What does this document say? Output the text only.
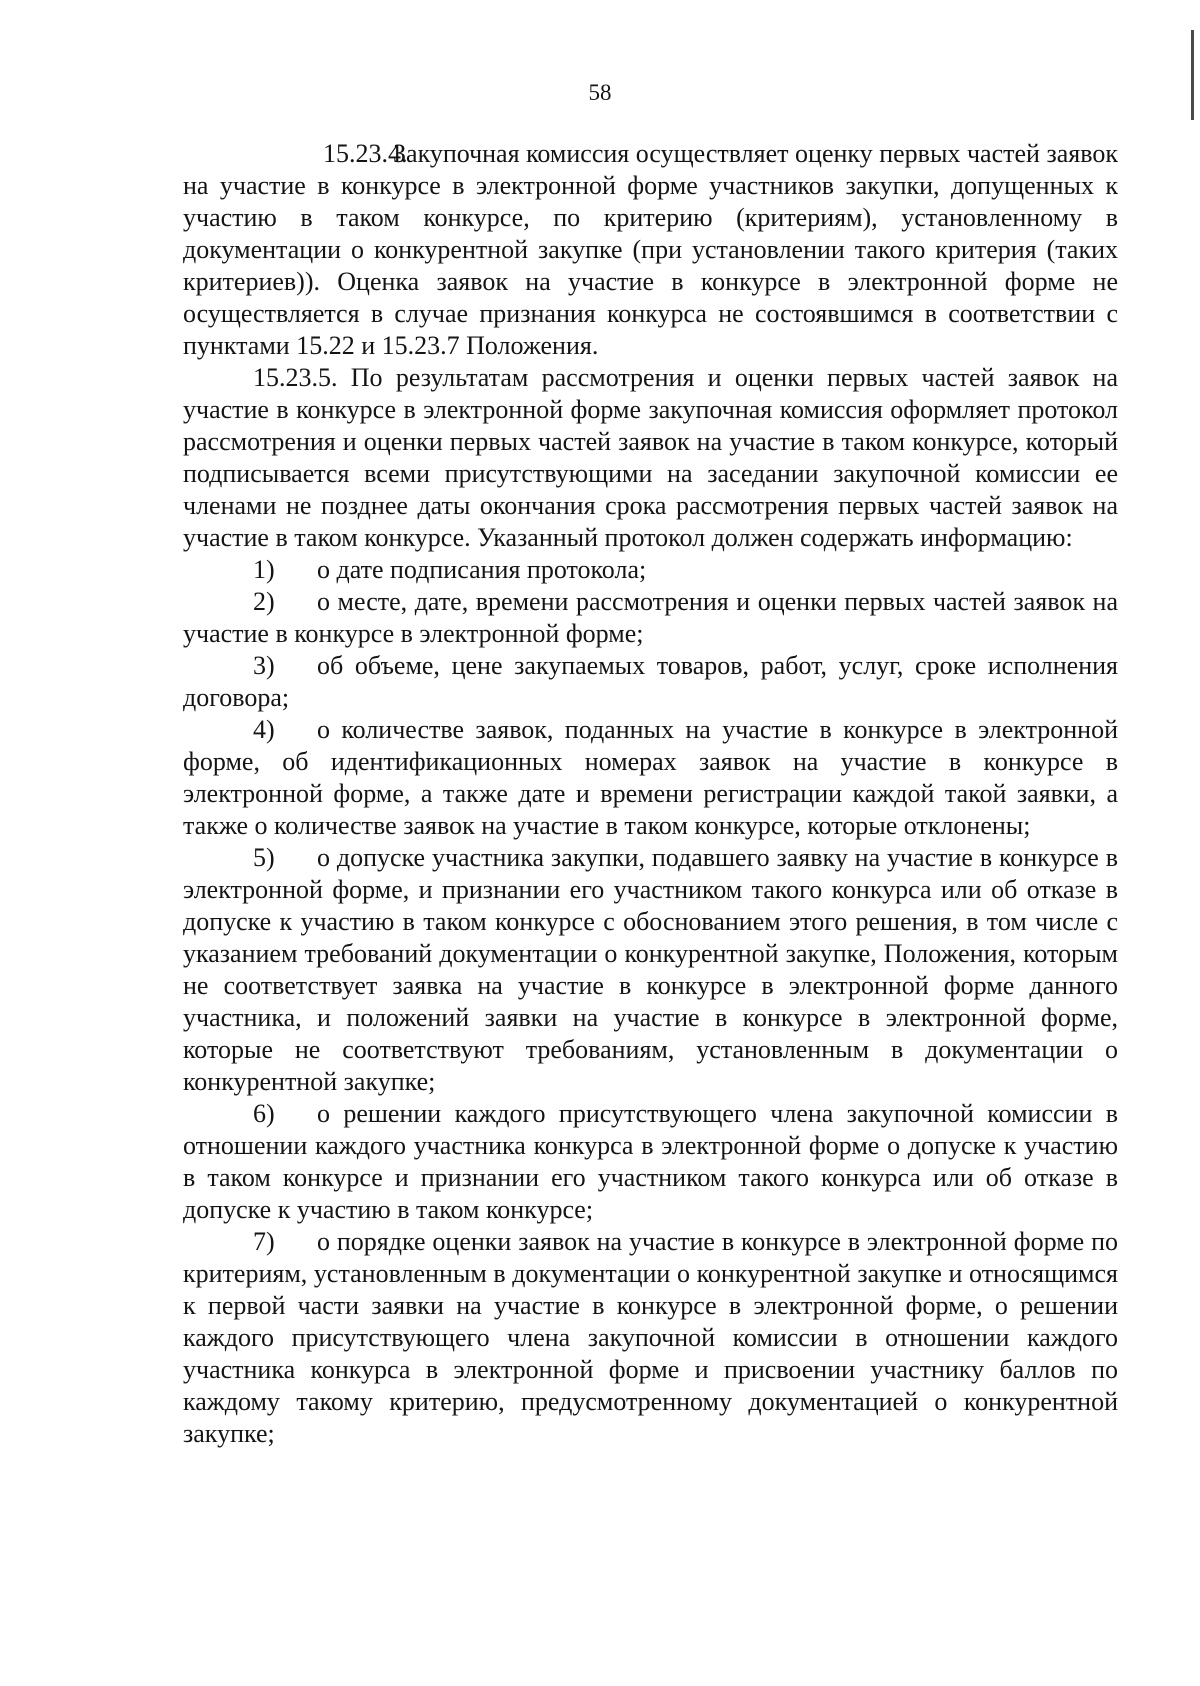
58

15.23.4.Закупочная комиссия осуществляет оценку первых частей заявок на участие в конкурсе в электронной форме участников закупки, допущенных к участию в таком конкурсе, по критерию (критериям), установленному в документации о конкурентной закупке (при установлении такого критерия (таких критериев)). Оценка заявок на участие в конкурсе в электронной форме не осуществляется в случае признания конкурса не состоявшимся в соответствии с пунктами 15.22 и 15.23.7 Положения.

15.23.5. По результатам рассмотрения и оценки первых частей заявок на участие в конкурсе в электронной форме закупочная комиссия оформляет протокол рассмотрения и оценки первых частей заявок на участие в таком конкурсе, который подписывается всеми присутствующими на заседании закупочной комиссии ее членами не позднее даты окончания срока рассмотрения первых частей заявок на участие в таком конкурсе. Указанный протокол должен содержать информацию:

1) о дате подписания протокола;

2) о месте, дате, времени рассмотрения и оценки первых частей заявок на участие в конкурсе в электронной форме;

3) об объеме, цене закупаемых товаров, работ, услуг, сроке исполнения договора;

4) о количестве заявок, поданных на участие в конкурсе в электронной форме, об идентификационных номерах заявок на участие в конкурсе в электронной форме, а также дате и времени регистрации каждой такой заявки, а также о количестве заявок на участие в таком конкурсе, которые отклонены;

5) о допуске участника закупки, подавшего заявку на участие в конкурсе в электронной форме, и признании его участником такого конкурса или об отказе в допуске к участию в таком конкурсе с обоснованием этого решения, в том числе с указанием требований документации о конкурентной закупке, Положения, которым не соответствует заявка на участие в конкурсе в электронной форме данного участника, и положений заявки на участие в конкурсе в электронной форме, которые не соответствуют требованиям, установленным в документации о конкурентной закупке;

6) о решении каждого присутствующего члена закупочной комиссии в отношении каждого участника конкурса в электронной форме о допуске к участию в таком конкурсе и признании его участником такого конкурса или об отказе в допуске к участию в таком конкурсе;

7) о порядке оценки заявок на участие в конкурсе в электронной форме по критериям, установленным в документации о конкурентной закупке и относящимся к первой части заявки на участие в конкурсе в электронной форме, о решении каждого присутствующего члена закупочной комиссии в отношении каждого участника конкурса в электронной форме и присвоении участнику баллов по каждому такому критерию, предусмотренному документацией о конкурентной закупке;
